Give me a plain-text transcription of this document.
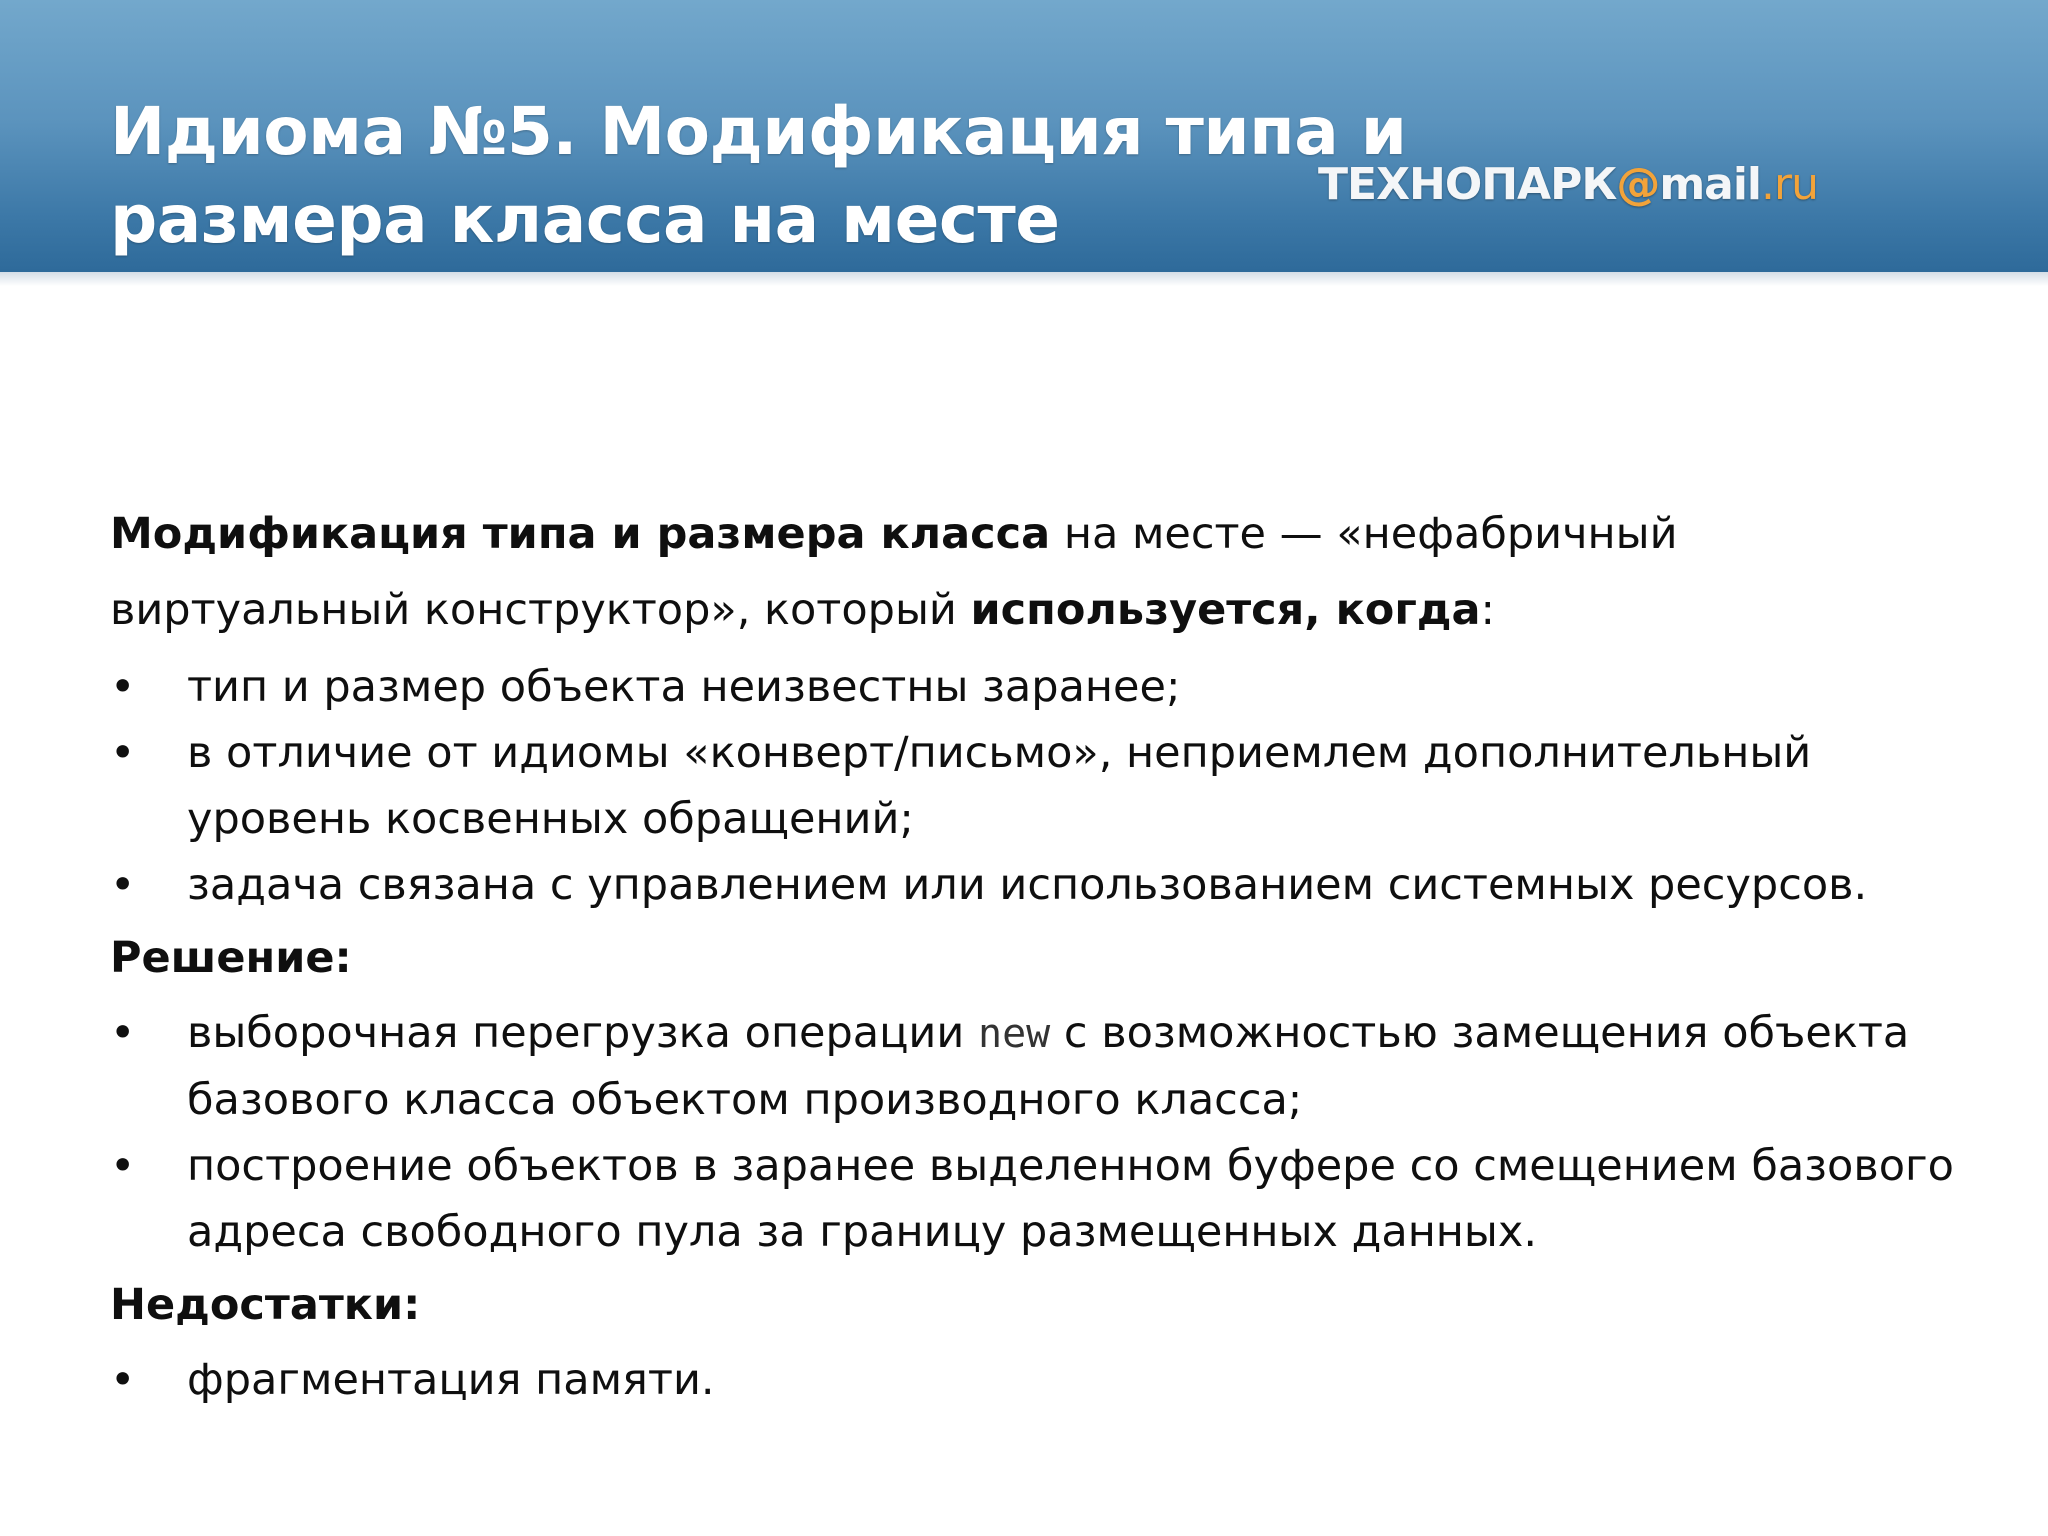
Идиома №5. Модификация типа и
размера класса на месте	ТЕХНОПАРК@mail.ru

Модификация типа и размера класса на месте — «нефабричный виртуальный конструктор», который используется, когда:

• тип и размер объекта неизвестны заранее;
• в отличие от идиомы «конверт/письмо», неприемлем дополнительный уровень косвенных обращений;
• задача связана с управлением или использованием системных ресурсов.
Решение:
• выборочная перегрузка операции new с возможностью замещения объекта базового класса объектом производного класса;
• построение объектов в заранее выделенном буфере со смещением базового адреса свободного пула за границу размещенных данных.
Недостатки:
• фрагментация памяти.
